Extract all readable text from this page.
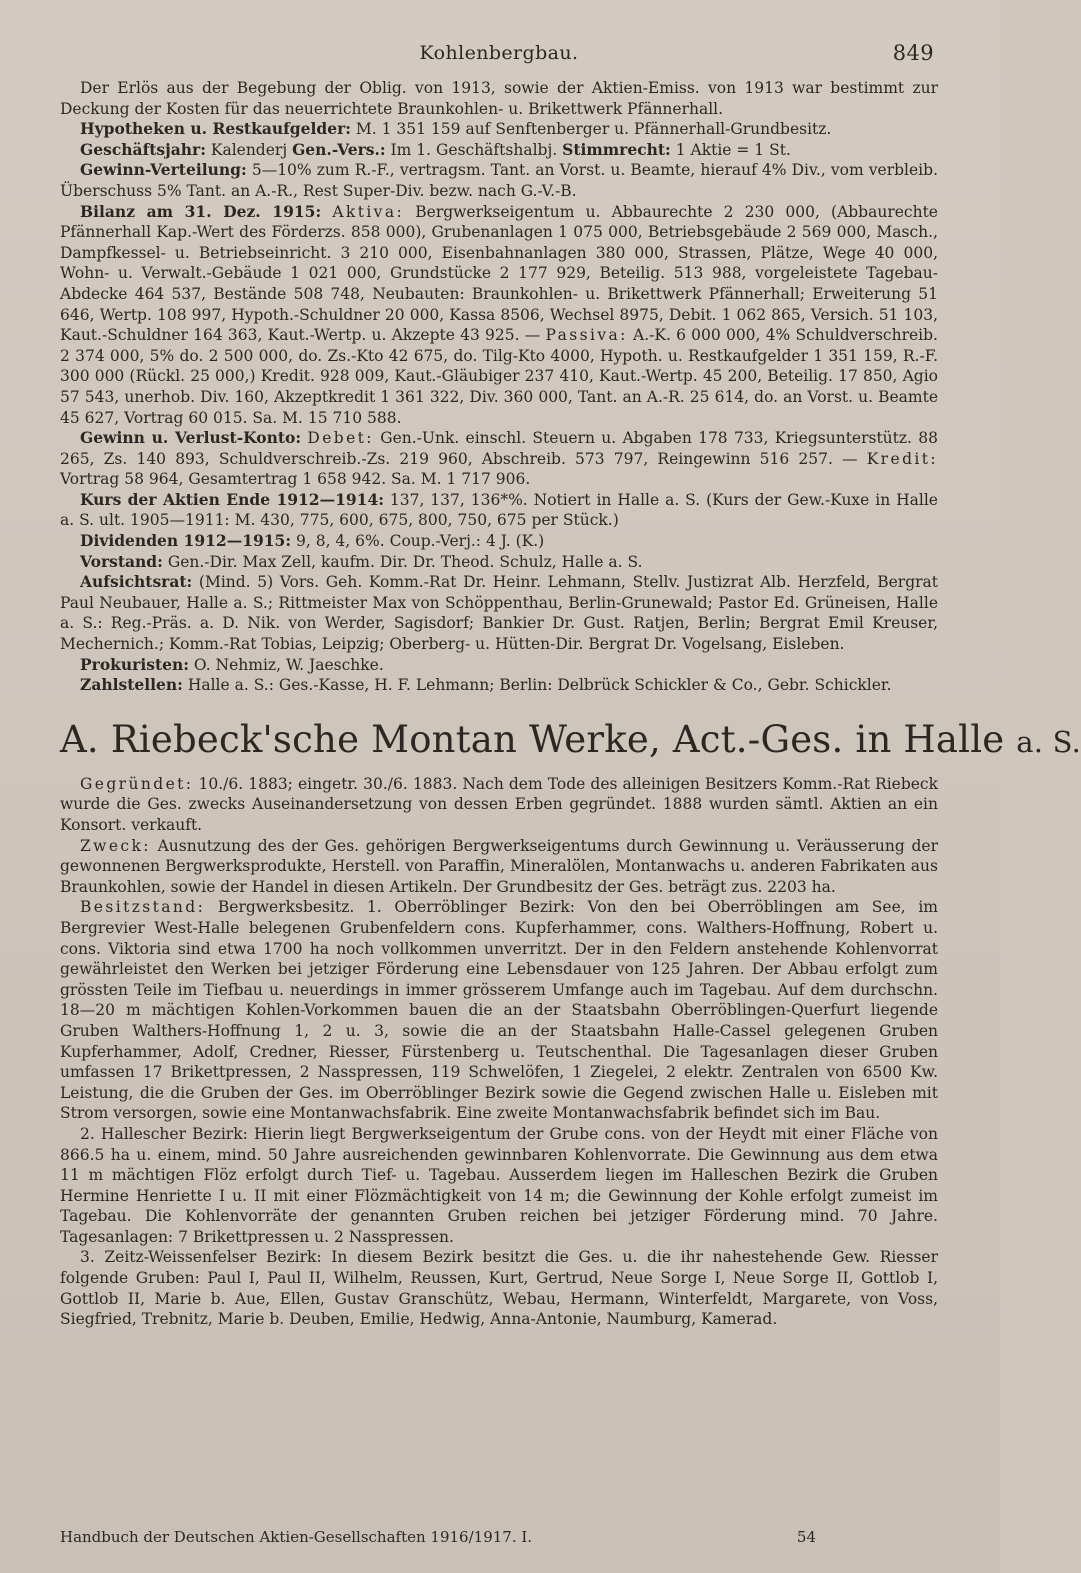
Kohlenbergbau.	849

Der Erlös aus der Begebung der Oblig. von 1913, sowie der Aktien-Emiss. von 1913 war bestimmt zur Deckung der Kosten für das neuerrichtete Braunkohlen- u. Brikettwerk Pfännerhall.

Hypotheken u. Restkaufgelder: M. 1 351 159 auf Senftenberger u. Pfännerhall-Grundbesitz.

Geschäftsjahr: Kalenderj Gen.-Vers.: Im 1. Geschäftshalbj. Stimmrecht: 1 Aktie = 1 St.

Gewinn-Verteilung: 5—10% zum R.-F., vertragsm. Tant. an Vorst. u. Beamte, hierauf 4% Div., vom verbleib. Überschuss 5% Tant. an A.-R., Rest Super-Div. bezw. nach G.-V.-B.

Bilanz am 31. Dez. 1915: Aktiva: Bergwerkseigentum u. Abbaurechte 2 230 000, (Abbaurechte Pfännerhall Kap.-Wert des Förderzs. 858 000), Grubenanlagen 1 075 000, Betriebsgebäude 2 569 000, Masch., Dampfkessel- u. Betriebseinricht. 3 210 000, Eisenbahnanlagen 380 000, Strassen, Plätze, Wege 40 000, Wohn- u. Verwalt.-Gebäude 1 021 000, Grundstücke 2 177 929, Beteilig. 513 988, vorgeleistete Tagebau-Abdecke 464 537, Bestände 508 748, Neubauten: Braunkohlen- u. Brikettwerk Pfännerhall; Erweiterung 51 646, Wertp. 108 997, Hypoth.-Schuldner 20 000, Kassa 8506, Wechsel 8975, Debit. 1 062 865, Versich. 51 103, Kaut.-Schuldner 164 363, Kaut.-Wertp. u. Akzepte 43 925. — Passiva: A.-K. 6 000 000, 4% Schuldverschreib. 2 374 000, 5% do. 2 500 000, do. Zs.-Kto 42 675, do. Tilg-Kto 4000, Hypoth. u. Restkaufgelder 1 351 159, R.-F. 300 000 (Rückl. 25 000,) Kredit. 928 009, Kaut.-Gläubiger 237 410, Kaut.-Wertp. 45 200, Beteilig. 17 850, Agio 57 543, unerhob. Div. 160, Akzeptkredit 1 361 322, Div. 360 000, Tant. an A.-R. 25 614, do. an Vorst. u. Beamte 45 627, Vortrag 60 015. Sa. M. 15 710 588.

Gewinn u. Verlust-Konto: Debet: Gen.-Unk. einschl. Steuern u. Abgaben 178 733, Kriegsunterstütz. 88 265, Zs. 140 893, Schuldverschreib.-Zs. 219 960, Abschreib. 573 797, Reingewinn 516 257. — Kredit: Vortrag 58 964, Gesamtertrag 1 658 942. Sa. M. 1 717 906.

Kurs der Aktien Ende 1912—1914: 137, 137, 136*%. Notiert in Halle a. S. (Kurs der Gew.-Kuxe in Halle a. S. ult. 1905—1911: M. 430, 775, 600, 675, 800, 750, 675 per Stück.)

Dividenden 1912—1915: 9, 8, 4, 6%. Coup.-Verj.: 4 J. (K.)

Vorstand: Gen.-Dir. Max Zell, kaufm. Dir. Dr. Theod. Schulz, Halle a. S.

Aufsichtsrat: (Mind. 5) Vors. Geh. Komm.-Rat Dr. Heinr. Lehmann, Stellv. Justizrat Alb. Herzfeld, Bergrat Paul Neubauer, Halle a. S.; Rittmeister Max von Schöppenthau, Berlin-Grunewald; Pastor Ed. Grüneisen, Halle a. S.: Reg.-Präs. a. D. Nik. von Werder, Sagisdorf; Bankier Dr. Gust. Ratjen, Berlin; Bergrat Emil Kreuser, Mechernich.; Komm.-Rat Tobias, Leipzig; Oberberg- u. Hütten-Dir. Bergrat Dr. Vogelsang, Eisleben.

Prokuristen: O. Nehmiz, W. Jaeschke.

Zahlstellen: Halle a. S.: Ges.-Kasse, H. F. Lehmann; Berlin: Delbrück Schickler & Co., Gebr. Schickler.

A. Riebeck'sche Montan Werke, Act.-Ges. in Halle a. S.

Gegründet: 10./6. 1883; eingetr. 30./6. 1883. Nach dem Tode des alleinigen Besitzers Komm.-Rat Riebeck wurde die Ges. zwecks Auseinandersetzung von dessen Erben gegründet. 1888 wurden sämtl. Aktien an ein Konsort. verkauft.

Zweck: Ausnutzung des der Ges. gehörigen Bergwerkseigentums durch Gewinnung u. Veräusserung der gewonnenen Bergwerksprodukte, Herstell. von Paraffin, Mineralölen, Montanwachs u. anderen Fabrikaten aus Braunkohlen, sowie der Handel in diesen Artikeln. Der Grundbesitz der Ges. beträgt zus. 2203 ha.

Besitzstand: Bergwerksbesitz. 1. Oberröblinger Bezirk: Von den bei Oberröblingen am See, im Bergrevier West-Halle belegenen Grubenfeldern cons. Kupferhammer, cons. Walthers-Hoffnung, Robert u. cons. Viktoria sind etwa 1700 ha noch vollkommen unverritzt. Der in den Feldern anstehende Kohlenvorrat gewährleistet den Werken bei jetziger Förderung eine Lebensdauer von 125 Jahren. Der Abbau erfolgt zum grössten Teile im Tiefbau u. neuerdings in immer grösserem Umfange auch im Tagebau. Auf dem durchschn. 18—20 m mächtigen Kohlen-Vorkommen bauen die an der Staatsbahn Oberröblingen-Querfurt liegende Gruben Walthers-Hoffnung 1, 2 u. 3, sowie die an der Staatsbahn Halle-Cassel gelegenen Gruben Kupferhammer, Adolf, Credner, Riesser, Fürstenberg u. Teutschenthal. Die Tagesanlagen dieser Gruben umfassen 17 Brikettpressen, 2 Nasspressen, 119 Schwelöfen, 1 Ziegelei, 2 elektr. Zentralen von 6500 Kw. Leistung, die die Gruben der Ges. im Oberröblinger Bezirk sowie die Gegend zwischen Halle u. Eisleben mit Strom versorgen, sowie eine Montanwachsfabrik. Eine zweite Montanwachsfabrik befindet sich im Bau.

2. Hallescher Bezirk: Hierin liegt Bergwerkseigentum der Grube cons. von der Heydt mit einer Fläche von 866.5 ha u. einem, mind. 50 Jahre ausreichenden gewinnbaren Kohlenvorrate. Die Gewinnung aus dem etwa 11 m mächtigen Flöz erfolgt durch Tief- u. Tagebau. Ausserdem liegen im Halleschen Bezirk die Gruben Hermine Henriette I u. II mit einer Flözmächtigkeit von 14 m; die Gewinnung der Kohle erfolgt zumeist im Tagebau. Die Kohlenvorräte der genannten Gruben reichen bei jetziger Förderung mind. 70 Jahre. Tagesanlagen: 7 Brikettpressen u. 2 Nasspressen.

3. Zeitz-Weissenfelser Bezirk: In diesem Bezirk besitzt die Ges. u. die ihr nahestehende Gew. Riesser folgende Gruben: Paul I, Paul II, Wilhelm, Reussen, Kurt, Gertrud, Neue Sorge I, Neue Sorge II, Gottlob I, Gottlob II, Marie b. Aue, Ellen, Gustav Granschütz, Webau, Hermann, Winterfeldt, Margarete, von Voss, Siegfried, Trebnitz, Marie b. Deuben, Emilie, Hedwig, Anna-Antonie, Naumburg, Kamerad.

Handbuch der Deutschen Aktien-Gesellschaften 1916/1917. I.	54
